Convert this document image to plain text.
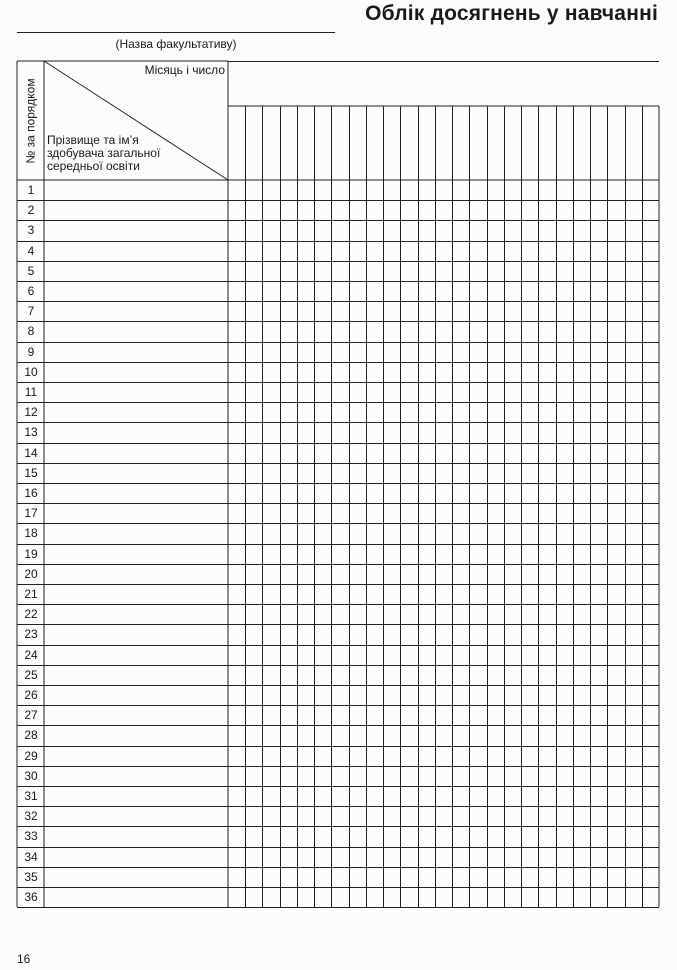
Облік досягнень у навчанні
(Назва факультативу)
№ за порядком
Місяць і число
Прізвище та ім’я здобувача загальної середньої освіти
1
2
3
4
5
6
7
8
9
10
11
12
13
14
15
16
17
18
19
20
21
22
23
24
25
26
27
28
29
30
31
32
33
34
35
36
16
